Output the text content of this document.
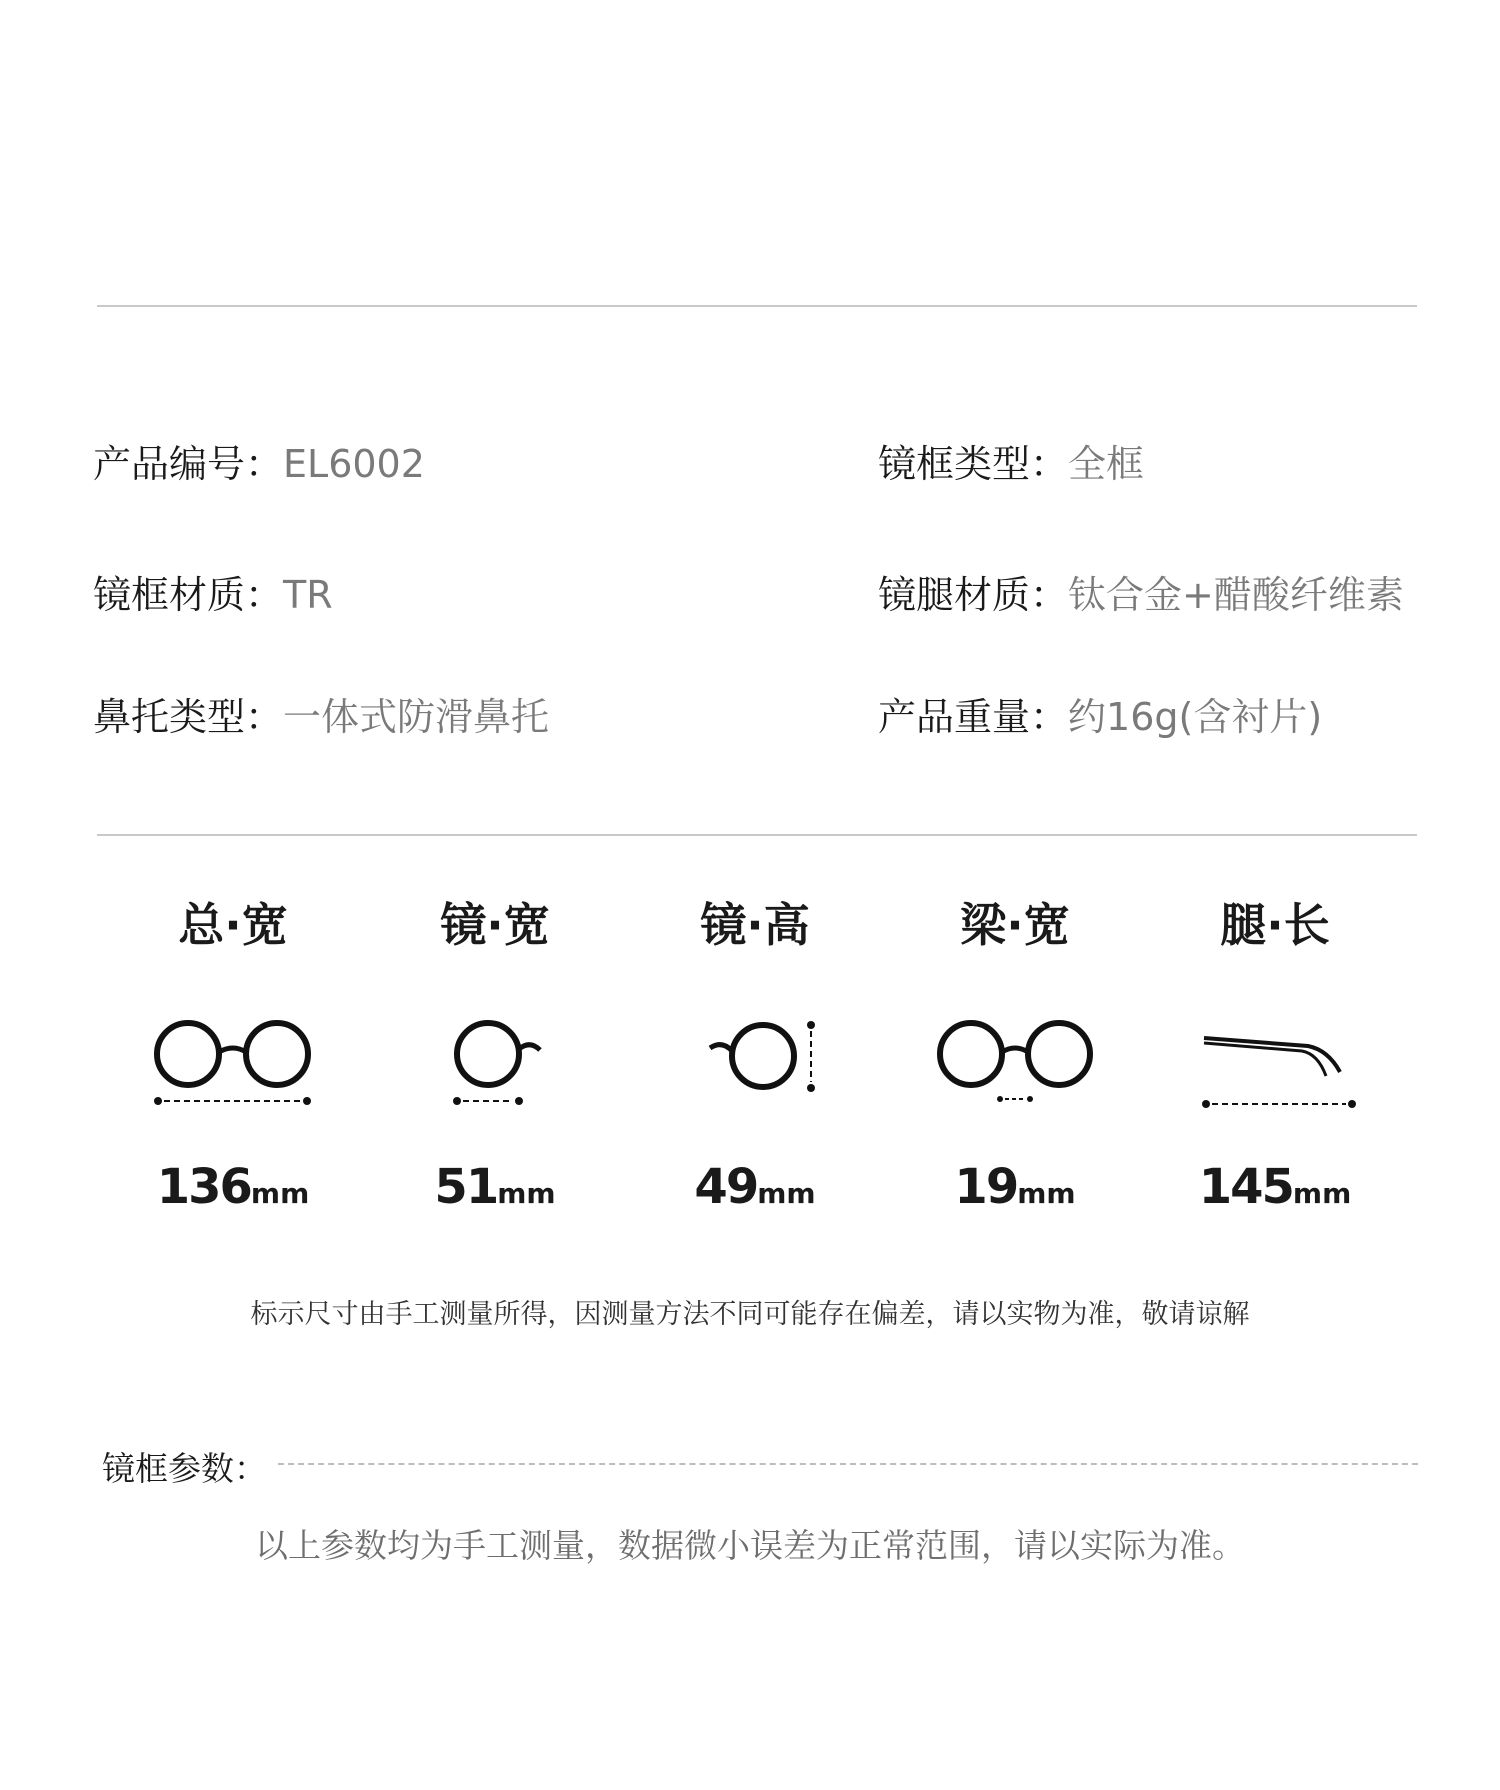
产品编号：EL6002	镜框类型：全框
镜框材质：TR	镜腿材质：钛合金+醋酸纤维素
鼻托类型：一体式防滑鼻托	产品重量：约16g(含衬片)
总·宽
136mm
镜·宽
51mm
镜·高
49mm
梁·宽
19mm
腿·长
145mm
标示尺寸由手工测量所得，因测量方法不同可能存在偏差，请以实物为准，敬请谅解
镜框参数：
以上参数均为手工测量，数据微小误差为正常范围，请以实际为准。
